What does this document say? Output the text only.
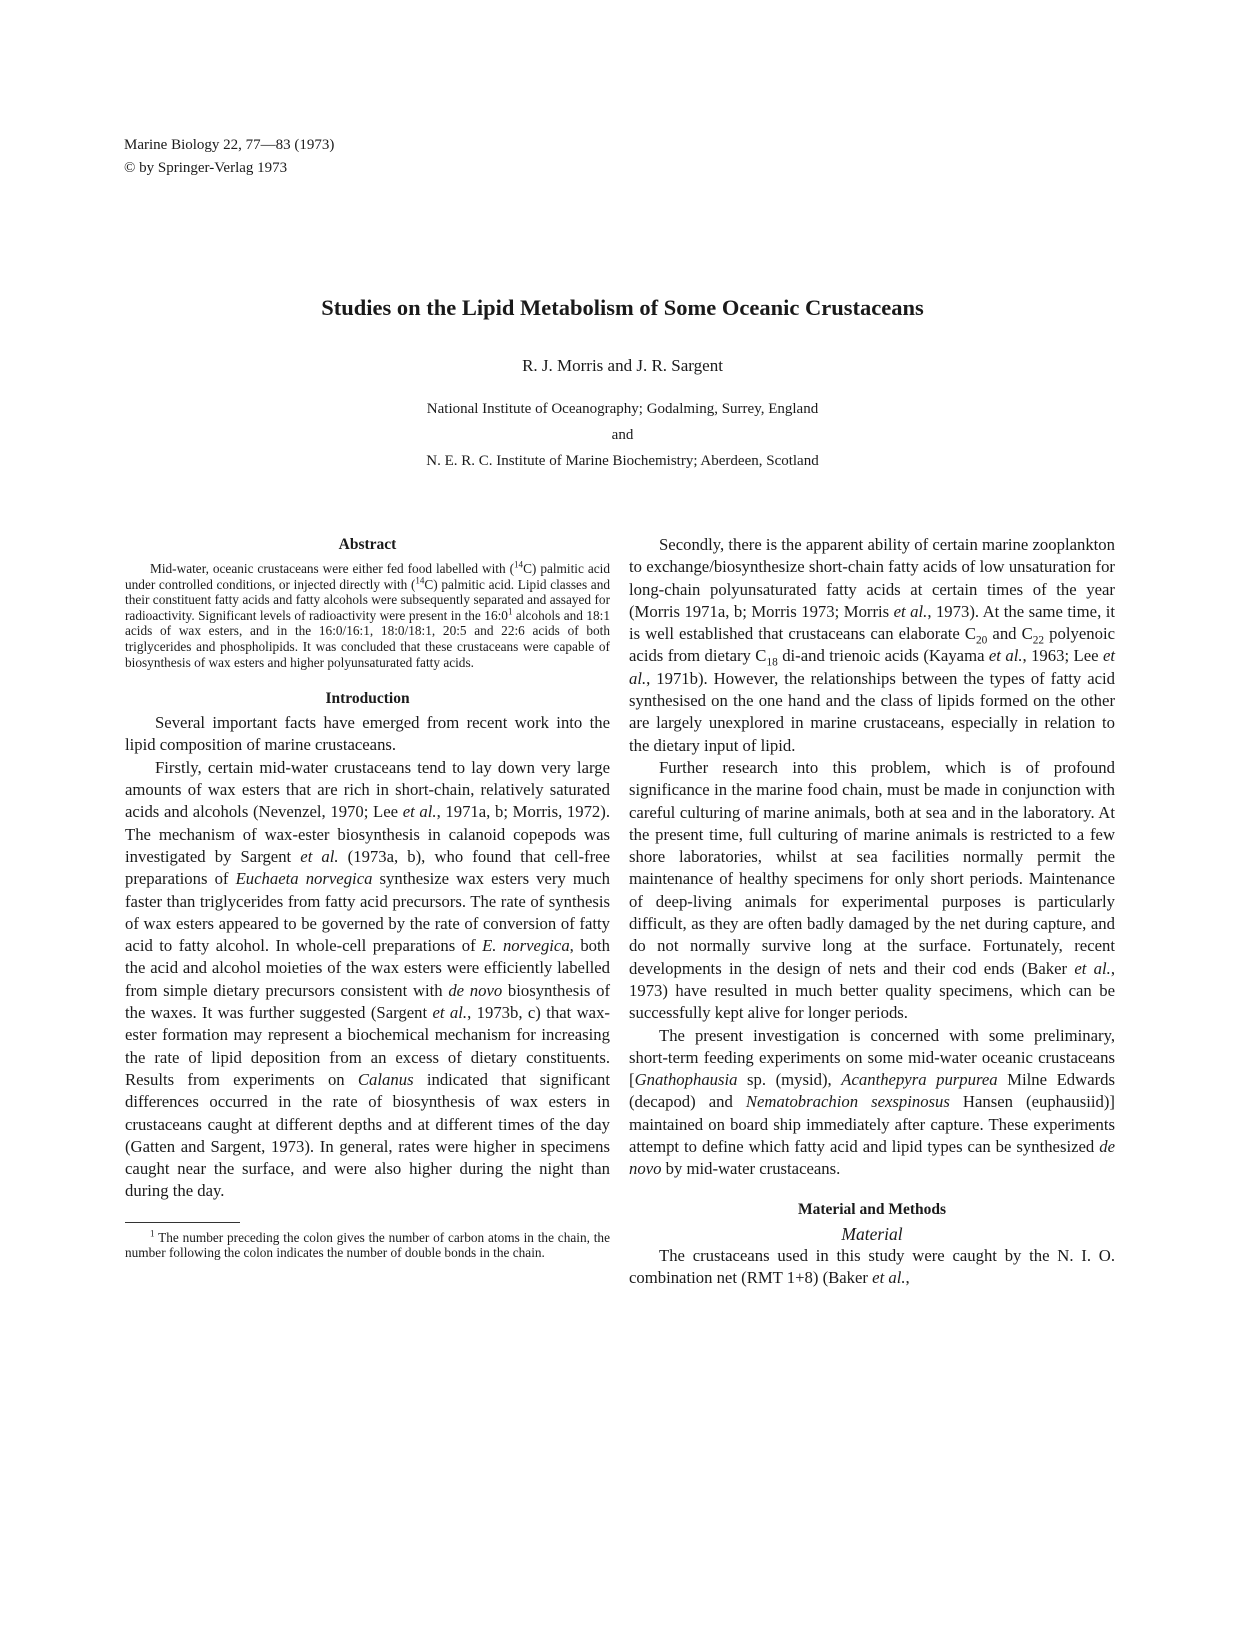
Marine Biology 22, 77—83 (1973)
© by Springer-Verlag 1973
Studies on the Lipid Metabolism of Some Oceanic Crustaceans
R. J. Morris and J. R. Sargent
National Institute of Oceanography; Godalming, Surrey, England
and
N. E. R. C. Institute of Marine Biochemistry; Aberdeen, Scotland
Abstract

Mid-water, oceanic crustaceans were either fed food labelled with ($^{14}$C) palmitic acid under controlled conditions, or injected directly with ($^{14}$C) palmitic acid. Lipid classes and their constituent fatty acids and fatty alcohols were subsequently separated and assayed for radioactivity. Significant levels of radioactivity were present in the $16:0^1$ alcohols and 18:1 acids of wax esters, and in the 16:0/16:1, 18:0/18:1, 20:5 and 22:6 acids of both triglycerides and phospholipids. It was concluded that these crustaceans were capable of biosynthesis of wax esters and higher polyunsaturated fatty acids.

Introduction

Several important facts have emerged from recent work into the lipid composition of marine crustaceans.

Firstly, certain mid-water crustaceans tend to lay down very large amounts of wax esters that are rich in short-chain, relatively saturated acids and alcohols (Nevenzel, 1970; Lee et al., 1971a, b; Morris, 1972). The mechanism of wax-ester biosynthesis in calanoid copepods was investigated by Sargent et al. (1973a, b), who found that cell-free preparations of Euchaeta norvegica synthesize wax esters very much faster than triglycerides from fatty acid precursors. The rate of synthesis of wax esters appeared to be governed by the rate of conversion of fatty acid to fatty alcohol. In whole-cell preparations of E. norvegica, both the acid and alcohol moieties of the wax esters were efficiently labelled from simple dietary precursors consistent with de novo biosynthesis of the waxes. It was further suggested (Sargent et al., 1973b, c) that wax-ester formation may represent a biochemical mechanism for increasing the rate of lipid deposition from an excess of dietary constituents. Results from experiments on Calanus indicated that significant differences occurred in the rate of biosynthesis of wax esters in crustaceans caught at different depths and at different times of the day (Gatten and Sargent, 1973). In general, rates were higher in specimens caught near the surface, and were also higher during the night than during the day.

$^1$ The number preceding the colon gives the number of carbon atoms in the chain, the number following the colon indicates the number of double bonds in the chain.

Secondly, there is the apparent ability of certain marine zooplankton to exchange/biosynthesize short-chain fatty acids of low unsaturation for long-chain polyunsaturated fatty acids at certain times of the year (Morris 1971a, b; Morris 1973; Morris et al., 1973). At the same time, it is well established that crustaceans can elaborate $C_{20}$ and $C_{22}$ polyenoic acids from dietary $C_{18}$ di-and trienoic acids (Kayama et al., 1963; Lee et al., 1971b). However, the relationships between the types of fatty acid synthesised on the one hand and the class of lipids formed on the other are largely unexplored in marine crustaceans, especially in relation to the dietary input of lipid.

Further research into this problem, which is of profound significance in the marine food chain, must be made in conjunction with careful culturing of marine animals, both at sea and in the laboratory. At the present time, full culturing of marine animals is restricted to a few shore laboratories, whilst at sea facilities normally permit the maintenance of healthy specimens for only short periods. Maintenance of deep-living animals for experimental purposes is particularly difficult, as they are often badly damaged by the net during capture, and do not normally survive long at the surface. Fortunately, recent developments in the design of nets and their cod ends (Baker et al., 1973) have resulted in much better quality specimens, which can be successfully kept alive for longer periods.

The present investigation is concerned with some preliminary, short-term feeding experiments on some mid-water oceanic crustaceans [Gnathophausia sp. (mysid), Acanthepyra purpurea Milne Edwards (decapod) and Nematobrachion sexspinosus Hansen (euphausiid)] maintained on board ship immediately after capture. These experiments attempt to define which fatty acid and lipid types can be synthesized de novo by mid-water crustaceans.

Material and Methods
Material

The crustaceans used in this study were caught by the N. I. O. combination net (RMT 1+8) (Baker et al.,
